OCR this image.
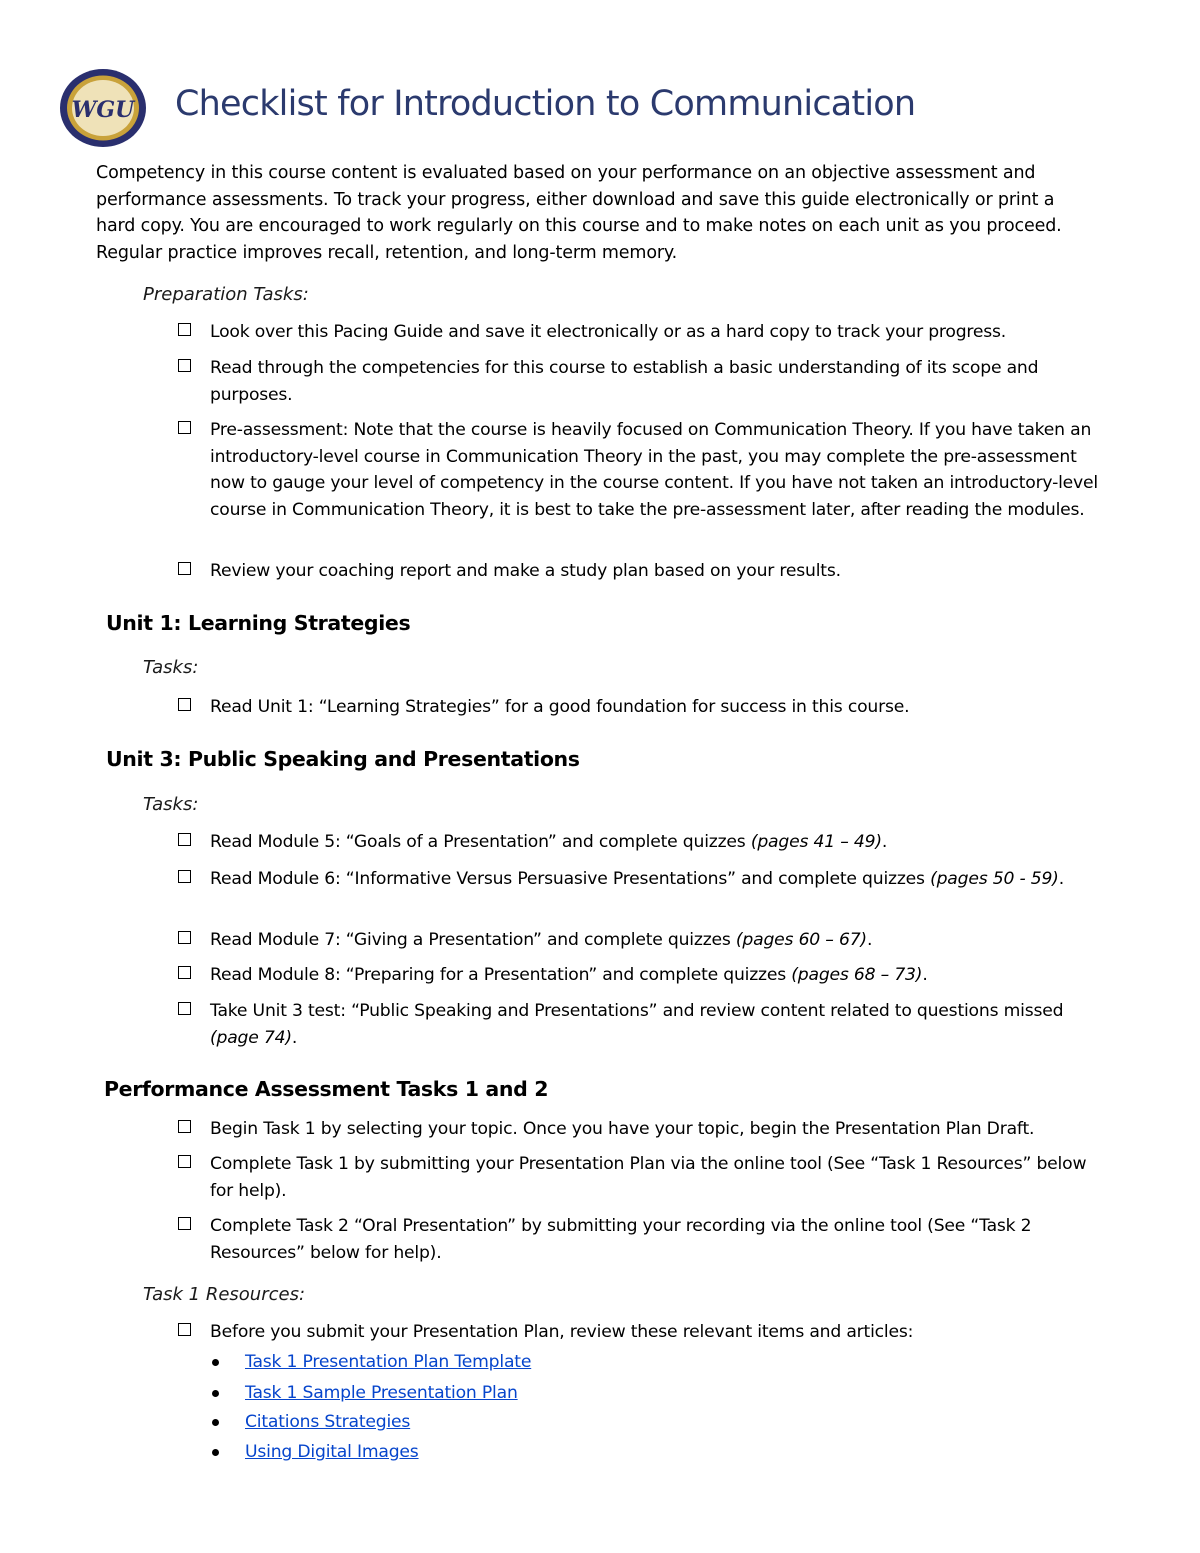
WGU Checklist for Introduction to Communication

Competency in this course content is evaluated based on your performance on an objective assessment and performance assessments. To track your progress, either download and save this guide electronically or print a hard copy. You are encouraged to work regularly on this course and to make notes on each unit as you proceed. Regular practice improves recall, retention, and long-term memory.

Preparation Tasks:
Look over this Pacing Guide and save it electronically or as a hard copy to track your progress.
Read through the competencies for this course to establish a basic understanding of its scope and purposes.
Pre-assessment: Note that the course is heavily focused on Communication Theory. If you have taken an introductory-level course in Communication Theory in the past, you may complete the pre-assessment now to gauge your level of competency in the course content. If you have not taken an introductory-level course in Communication Theory, it is best to take the pre-assessment later, after reading the modules.
Review your coaching report and make a study plan based on your results.
Unit 1: Learning Strategies
Tasks:
Read Unit 1: “Learning Strategies” for a good foundation for success in this course.
Unit 3: Public Speaking and Presentations
Tasks:
Read Module 5: “Goals of a Presentation” and complete quizzes (pages 41 – 49).
Read Module 6: “Informative Versus Persuasive Presentations” and complete quizzes (pages 50 - 59).
Read Module 7: “Giving a Presentation” and complete quizzes (pages 60 – 67).
Read Module 8: “Preparing for a Presentation” and complete quizzes (pages 68 – 73).
Take Unit 3 test: “Public Speaking and Presentations” and review content related to questions missed (page 74).
Performance Assessment Tasks 1 and 2
Begin Task 1 by selecting your topic. Once you have your topic, begin the Presentation Plan Draft.
Complete Task 1 by submitting your Presentation Plan via the online tool (See “Task 1 Resources” below for help).
Complete Task 2 “Oral Presentation” by submitting your recording via the online tool (See “Task 2 Resources” below for help).
Task 1 Resources:
Before you submit your Presentation Plan, review these relevant items and articles:
Task 1 Presentation Plan Template
Task 1 Sample Presentation Plan
Citations Strategies
Using Digital Images
